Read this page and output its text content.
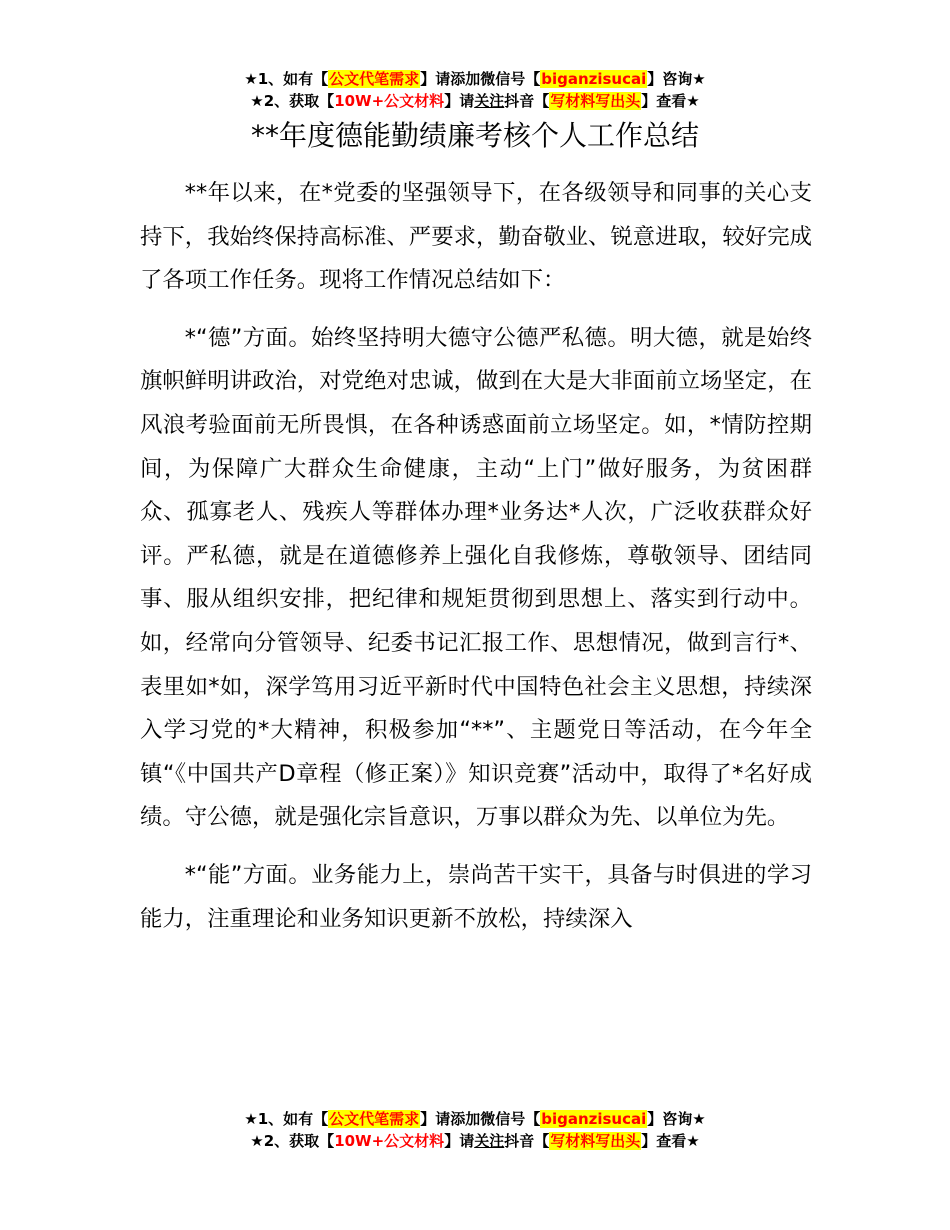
★1、如有【公文代笔需求】请添加微信号【biganzisucai】咨询★
★2、获取【10W+公文材料】请关注抖音【写材料写出头】查看★
**年度德能勤绩廉考核个人工作总结

**年以来，在*党委的坚强领导下，在各级领导和同事的关心支持下，我始终保持高标准、严要求，勤奋敬业、锐意进取，较好完成了各项工作任务。现将工作情况总结如下：

*“德”方面。始终坚持明大德守公德严私德。明大德，就是始终旗帜鲜明讲政治，对党绝对忠诚，做到在大是大非面前立场坚定，在风浪考验面前无所畏惧，在各种诱惑面前立场坚定。如，*情防控期间，为保障广大群众生命健康，主动“上门”做好服务，为贫困群众、孤寡老人、残疾人等群体办理*业务达*人次，广泛收获群众好评。严私德，就是在道德修养上强化自我修炼，尊敬领导、团结同事、服从组织安排，把纪律和规矩贯彻到思想上、落实到行动中。如，经常向分管领导、纪委书记汇报工作、思想情况，做到言行*、表里如*如，深学笃用习近平新时代中国特色社会主义思想，持续深入学习党的*大精神，积极参加“**”、主题党日等活动，在今年全镇“《中国共产D章程（修正案）》知识竞赛”活动中，取得了*名好成绩。守公德，就是强化宗旨意识，万事以群众为先、以单位为先。

*“能”方面。业务能力上，崇尚苦干实干，具备与时俱进的学习能力，注重理论和业务知识更新不放松，持续深入

★1、如有【公文代笔需求】请添加微信号【biganzisucai】咨询★
★2、获取【10W+公文材料】请关注抖音【写材料写出头】查看★
